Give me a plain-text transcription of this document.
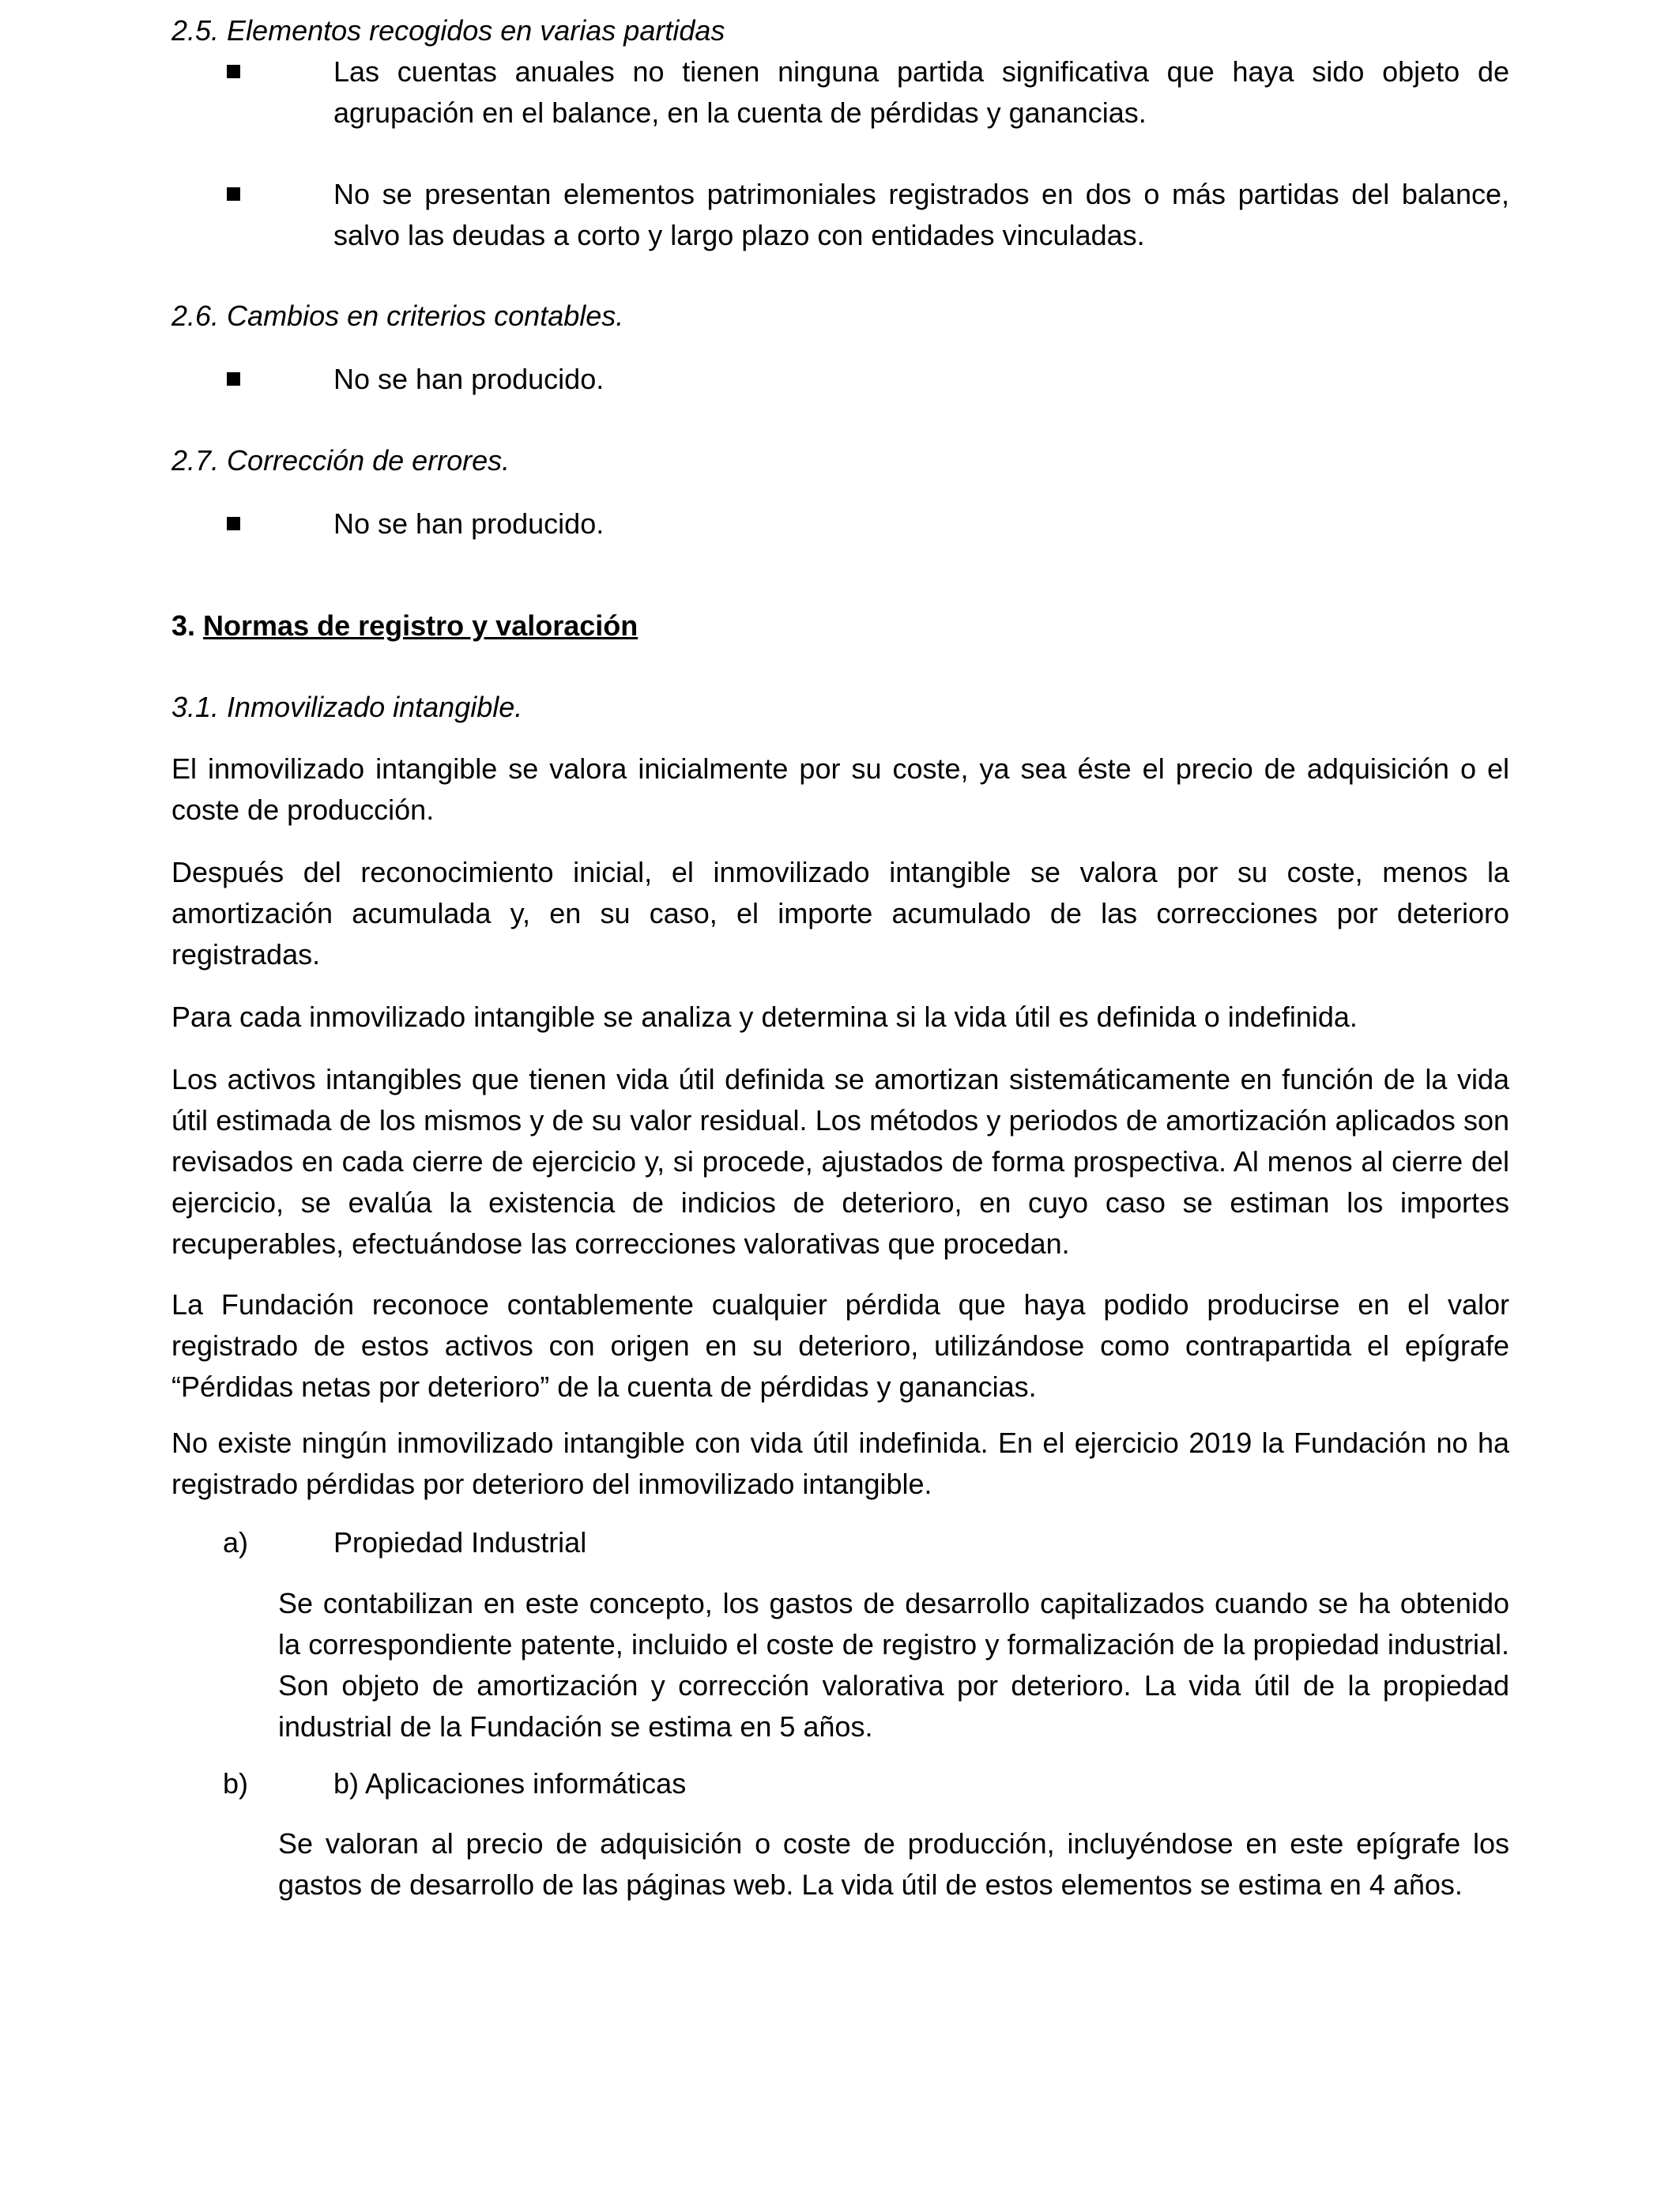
2.5. Elementos recogidos en varias partidas
Las cuentas anuales no tienen ninguna partida significativa que haya sido objeto de agrupación en el balance, en la cuenta de pérdidas y ganancias.
No se presentan elementos patrimoniales registrados en dos o más partidas del balance, salvo las deudas a corto y largo plazo con entidades vinculadas.
2.6. Cambios en criterios contables.
No se han producido.
2.7. Corrección de errores.
No se han producido.
3. Normas de registro y valoración
3.1. Inmovilizado intangible.
El inmovilizado intangible se valora inicialmente por su coste, ya sea éste el precio de adquisición o el coste de producción.
Después del reconocimiento inicial, el inmovilizado intangible se valora por su coste, menos la amortización acumulada y, en su caso, el importe acumulado de las correcciones por deterioro registradas.
Para cada inmovilizado intangible se analiza y determina si la vida útil es definida o indefinida.
Los activos intangibles que tienen vida útil definida se amortizan sistemáticamente en función de la vida útil estimada de los mismos y de su valor residual. Los métodos y periodos de amortización aplicados son revisados en cada cierre de ejercicio y, si procede, ajustados de forma prospectiva. Al menos al cierre del ejercicio, se evalúa la existencia de indicios de deterioro, en cuyo caso se estiman los importes recuperables, efectuándose las correcciones valorativas que procedan.
La Fundación reconoce contablemente cualquier pérdida que haya podido producirse en el valor registrado de estos activos con origen en su deterioro, utilizándose como contrapartida el epígrafe “Pérdidas netas por deterioro” de la cuenta de pérdidas y ganancias.
No existe ningún inmovilizado intangible con vida útil indefinida. En el ejercicio 2019 la Fundación no ha registrado pérdidas por deterioro del inmovilizado intangible.
a)	Propiedad Industrial
Se contabilizan en este concepto, los gastos de desarrollo capitalizados cuando se ha obtenido la correspondiente patente, incluido el coste de registro y formalización de la propiedad industrial. Son objeto de amortización y corrección valorativa por deterioro. La vida útil de la propiedad industrial de la Fundación se estima en 5 años.
b)	b) Aplicaciones informáticas
Se valoran al precio de adquisición o coste de producción, incluyéndose en este epígrafe los gastos de desarrollo de las páginas web. La vida útil de estos elementos se estima en 4 años.
